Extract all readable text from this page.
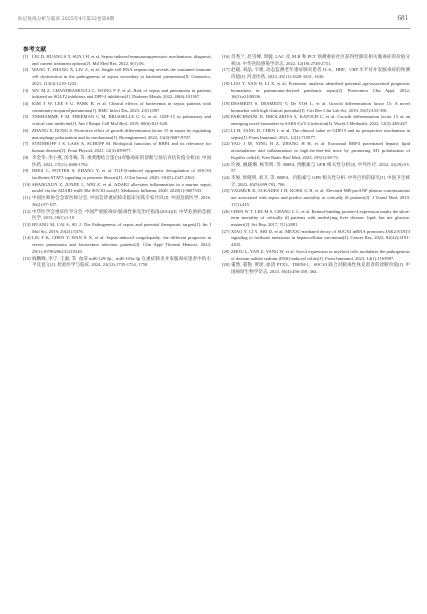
标记免疫分析与临床 2025年4月第32卷第4期	681
参考文献
[1] LIU D, HUANG S Y, SUN J H, et al. Sepsis-induced immunosuppression: mechanisms, diagnosis and current treatment options[J]. Mil Med Res, 2022, 9(1):56.
[2] WANG T, ZHANG X, LIU Z, et al. Single-cell RNA sequencing reveals the sustained immune cell dysfunction in the pathogenesis of sepsis secondary to bacterial pneumonia[J]. Genomics, 2021, 113(3):1219-1233.
[3] WU M Z, CHANDRAMOULI C, WONG P F, et al. Risk of sepsis and pneumonia in patients initiated on SGLT2 inhibitors and DPP-4 inhibitors[J]. Diabetes Metab, 2022, 48(6):101367.
[4] KIM T W, LEE S U, PARK B, et al. Clinical effects of bacteremia in sepsis patients with community-acquired pneumonia[J]. BMC Infect Dis, 2023, 23(1):887.
[5] VERHAMME F M, FREEMAN C M, BRUSSELLE G G, et al. GDF-15 in pulmonary and critical care medicine[J]. Am J Respir Cell Mol Biol, 2019, 60(6):621-628.
[6] ZHANG X, DONG S. Protective effect of growth differentiation factor 15 in sepsis by regulating macrophage polarization and its mechanism[J]. Bioengineered, 2022, 13(4):9687-9707.
[7] STEINHOFF J S, LASS A, SCHUPP M. Biological functions of RBP4 and its relevance for human diseases[J]. Front Physiol, 2021, 12(3):659977.
[8] 李金华, 李小燕, 汤冬梅, 等. 视黄醇结合蛋白4对脓毒症的诊断与预后评估价值分析[J]. 中国医药, 2022, 17(11):1686-1702.
[9] DEES C, POTTER S, ZHANG Y, et al. TGF-β-induced epigenetic deregulation of SOCS3 facilitates STAT3 signaling to promote fibrosis[J]. J Clin Invest, 2020, 130(5):2347-2363.
[10] SHANGXUN Z, JUNJIE L, WEI Z, et al. ADAR1 alleviates inflammation in a murine sepsis model via the ADAR1-miR-30a-SOCS3 axis[J]. Mediators Inflamm, 2020, 2020(1):9607535.
[11] 中国医师协会急诊医师分会, 中国急诊重症肺炎临床实践专家共识[J]. 中国急救医学, 2016, 36(2):97-107.
[12] 中华医学会重症医学分会. 中国严重脓毒症/脓毒性休克治疗指南(2014)[J]. 中华危重病急救医学, 2015, 18(1):1-10.
[13] HUANG M, CAI S, SU J. The Pathogenesis of sepsis and potential therapeutic targets[J]. Int J Mol Sci, 2019, 20(21):5376.
[14] LIU F K, CHEN Y, WAN X X, et al. Sepsis-induced coagulopathy: the different prognosis in severe pneumonia and bacteremia infection patients[J]. Clin Appl Thromb Hemost, 2023, 29(1):10760296231219249.
[15] 阎鹏峰, 李宁, 王毅, 等. 血清 miR-129-5p、miR-103a-3p 在重症肺炎并发脓毒症患者中的水平及意义[J]. 检验医学与临床, 2024, 21(12):1735-1754, 1758.
[16] 肖秀兰, 赵雪峰, 周媛. LAC 及 NLR 和 PCT 预测重症社区获得性肺炎相关脓毒症的价值分析[J]. 中华医院感染学杂志, 2022, 32(18):2748-2751.
[17] 赵媛, 刘晶, 宇歌, 动态监测老年重症肺炎患者 IL-6、HBP、CRP 水平对并发脓毒症的预测价值[J]. 河北医药, 2023, 45(11):1628-1631, 1636.
[18] LUO Y, YAN H, LI X, et al. Proteomic analysis identified potential age-associated prognostic biomarkers in pneumonia-derived paediatric sepsis[J]. Proteomics Clin Appl, 2022, 16(3):e2100036.
[19] DESMEDT S, DESMEDT V, De VOS L, et al. Growth differentiation factor 15: A novel biomarker with high clinical potential[J]. Crit Rev Clin Lab Sci, 2019, 56(5):333-350.
[20] PARCHWANI D, DHOLARIYA S, KATOCH C, et al. Growth differentiation factor 15 as an emerging novel biomarker in SARS-CoV-2 infection[J]. World J Methodol, 2022, 12(5):438-447.
[21] LI H, TANG D, CHEN J, et al. The clinical value of GDF15 and its prospective mechanism in sepsis[J]. Front Immunol, 2021, 12(1):710977.
[22] YAO J M, YING H Z, ZHANG H H, et al. Exosomal RBP4 potentiated hepatic lipid accumulation and inflammation in high-fat-diet-fed mice by promoting M1 polarization of Kupffer cells[J]. Free Radic Biol Med, 2023, 195(1):58-73.
[23] 许俊, 姚晓珊, 杨华明, 等. RBP4, 西酮素与 GFR 相关性分析[J]. 中外医疗, 2022, 41(29):53-57.
[24] 李俊, 侯晓明, 刘卫, 等. RBP4、内脂素与 GFR 相关性分析: 中外百用的探究[J]. 中国卫生统计, 2023, 40(5):699-702, 706.
[25] VAGMUR K, SCKADES J H, KOEK G H, et al. Elevated MR-proANP plasma concentrations are associated with sepsis and predict mortality in critically ill patients[J]. J Transl Med, 2019, 17(1):415.
[26] CHEN W T, LEE M S, CHANG C L, et al. Retinol-binding protein-4 expression marks the short-term mortality of critically ill patients with underlying liver disease: lipid, but not glucose, matters[J]. Sci Rep, 2017, 7(1):2881.
[27] XIAO Y, LI Y, SHI D, et al. MEX3C-mediated decay of SOCS3 mRNA promotes JAK2/STAT3 signaling to facilitate metastasis in hepatocellular carcinoma[J]. Cancer Res, 2022, 82(22):4191-4205.
[28] ZHOU L, YAN Z, YANG W, et al. Socs3 expression in myeloid cells modulates the pathogenesis of dextran sulfate sodium (DSS)-induced colitis[J]. Front Immunol, 2023, 14(1):1163987.
[29] 董然, 董艳, 黄原. 血清 PTX3、TREM-1、SOCS3 联合对脓毒性休克患者的诊断价值[J]. 中国病原生物学杂志, 2023, 18(4):456-459, 464.
